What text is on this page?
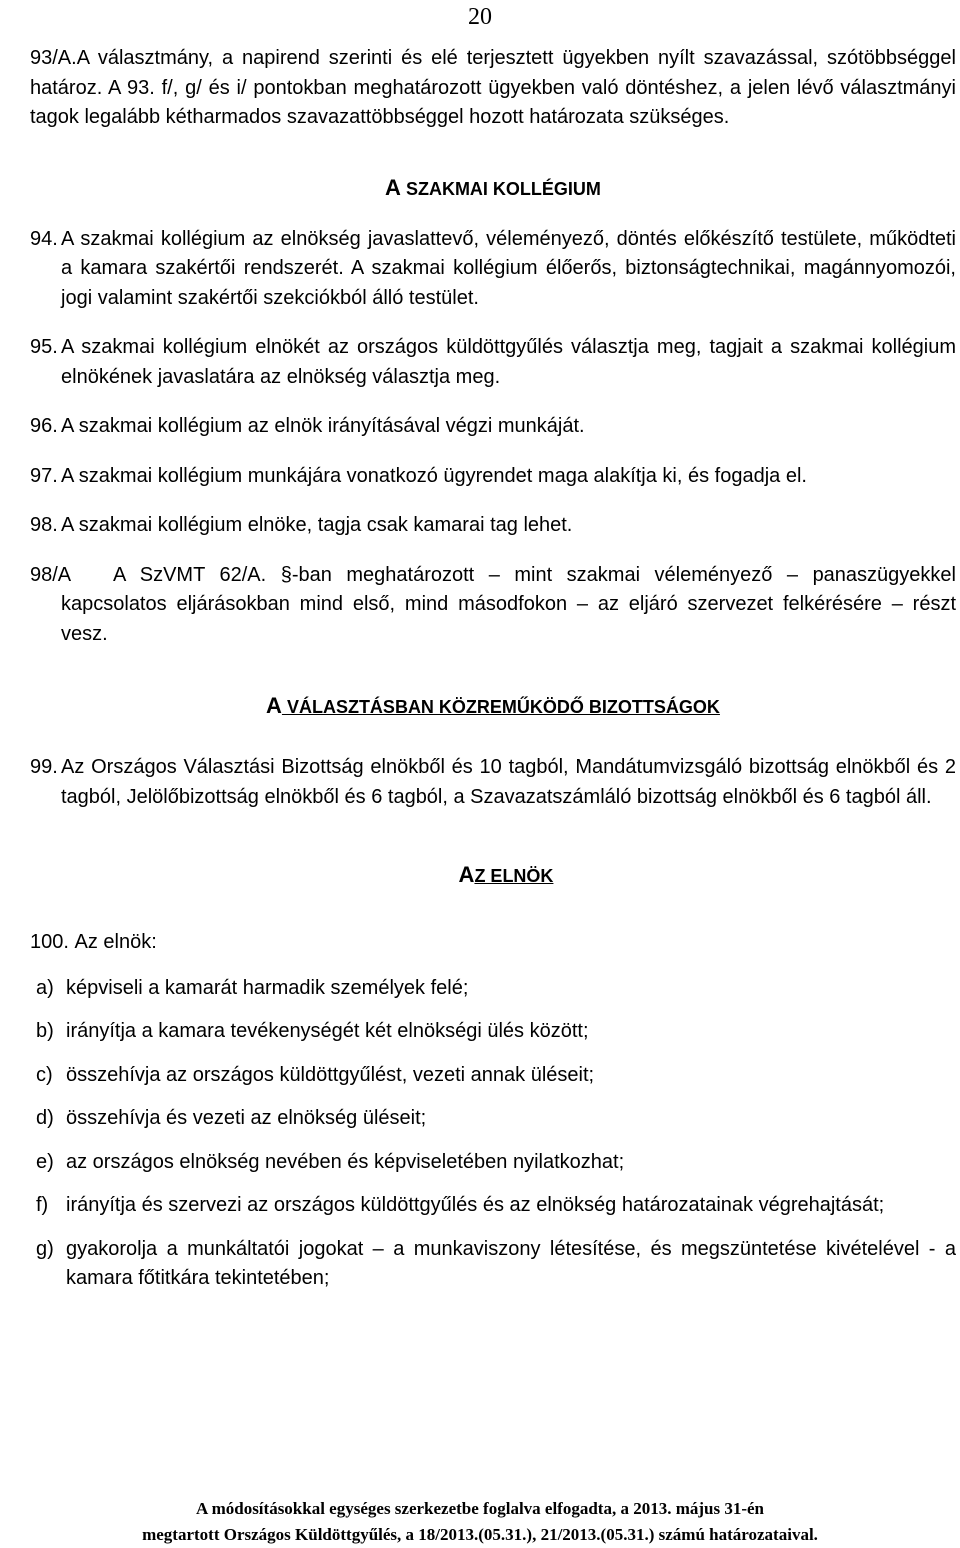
20

93/A.A választmány, a napirend szerinti és elé terjesztett ügyekben nyílt szavazással, szótöbbséggel határoz. A 93. f/, g/ és i/ pontokban meghatározott ügyekben való döntéshez, a jelen lévő választmányi tagok legalább kétharmados szavazattöbbséggel hozott határozata szükséges.

A SZAKMAI KOLLÉGIUM

94. A szakmai kollégium az elnökség javaslattevő, véleményező, döntés előkészítő testülete, működteti a kamara szakértői rendszerét. A szakmai kollégium élőerős, biztonságtechnikai, magánnyomozói, jogi valamint szakértői szekciókból álló testület.

95. A szakmai kollégium elnökét az országos küldöttgyűlés választja meg, tagjait a szakmai kollégium elnökének javaslatára az elnökség választja meg.

96. A szakmai kollégium az elnök irányításával végzi munkáját.

97. A szakmai kollégium munkájára vonatkozó ügyrendet maga alakítja ki, és fogadja el.

98. A szakmai kollégium elnöke, tagja csak kamarai tag lehet.

98/A A SzVMT 62/A. §-ban meghatározott – mint szakmai véleményező – panaszügyekkel kapcsolatos eljárásokban mind első, mind másodfokon – az eljáró szervezet felkérésére – részt vesz.

A VÁLASZTÁSBAN KÖZREMŰKÖDŐ BIZOTTSÁGOK

99. Az Országos Választási Bizottság elnökből és 10 tagból, Mandátumvizsgáló bizottság elnökből és 2 tagból, Jelölőbizottság elnökből és 6 tagból, a Szavazatszámláló bizottság elnökből és 6 tagból áll.

AZ ELNÖK

100. Az elnök:

a) képviseli a kamarát harmadik személyek felé;

b) irányítja a kamara tevékenységét két elnökségi ülés között;

c) összehívja az országos küldöttgyűlést, vezeti annak üléseit;

d) összehívja és vezeti az elnökség üléseit;

e) az országos elnökség nevében és képviseletében nyilatkozhat;

f) irányítja és szervezi az országos küldöttgyűlés és az elnökség határozatainak végrehajtását;

g) gyakorolja a munkáltatói jogokat – a munkaviszony létesítése, és megszüntetése kivételével - a kamara főtitkára tekintetében;

A módosításokkal egységes szerkezetbe foglalva elfogadta, a 2013. május 31-én
megtartott Országos Küldöttgyűlés, a 18/2013.(05.31.), 21/2013.(05.31.) számú határozataival.
